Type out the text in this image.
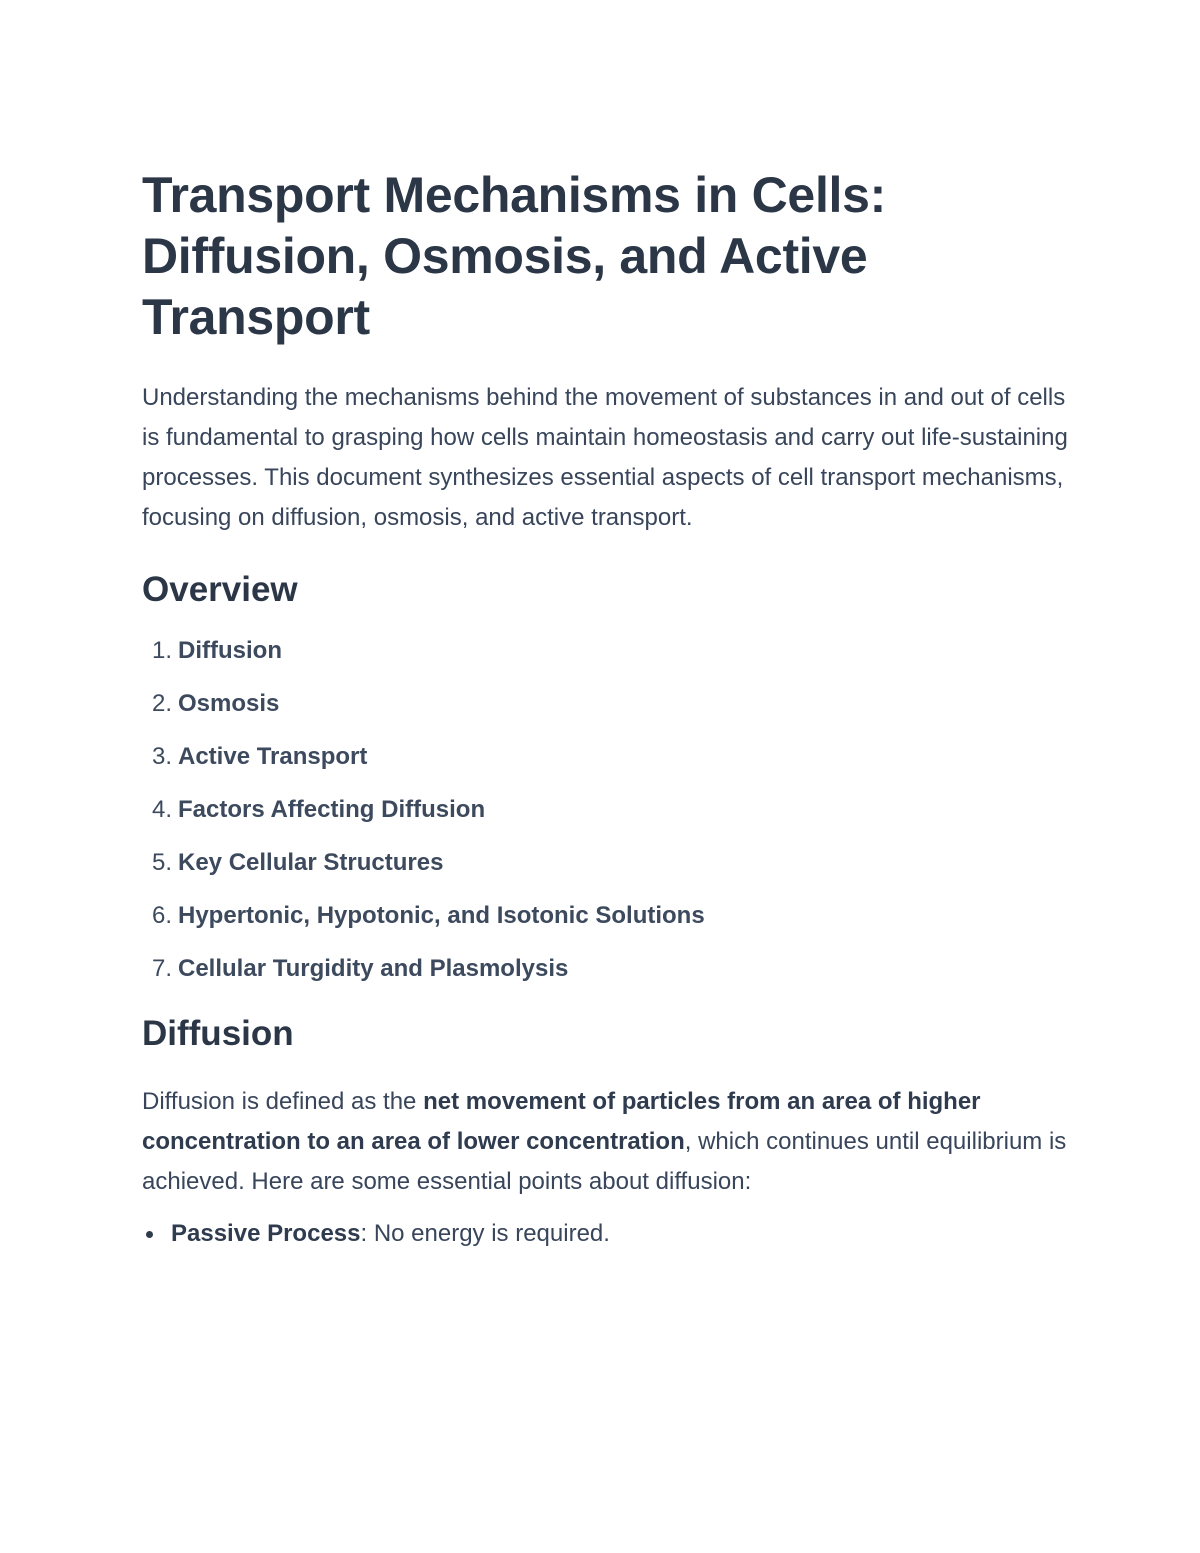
Transport Mechanisms in Cells: Diffusion, Osmosis, and Active Transport

Understanding the mechanisms behind the movement of substances in and out of cells is fundamental to grasping how cells maintain homeostasis and carry out life-sustaining processes. This document synthesizes essential aspects of cell transport mechanisms, focusing on diffusion, osmosis, and active transport.

Overview
1. Diffusion
2. Osmosis
3. Active Transport
4. Factors Affecting Diffusion
5. Key Cellular Structures
6. Hypertonic, Hypotonic, and Isotonic Solutions
7. Cellular Turgidity and Plasmolysis
Diffusion

Diffusion is defined as the net movement of particles from an area of higher concentration to an area of lower concentration, which continues until equilibrium is achieved. Here are some essential points about diffusion:

Passive Process: No energy is required.
